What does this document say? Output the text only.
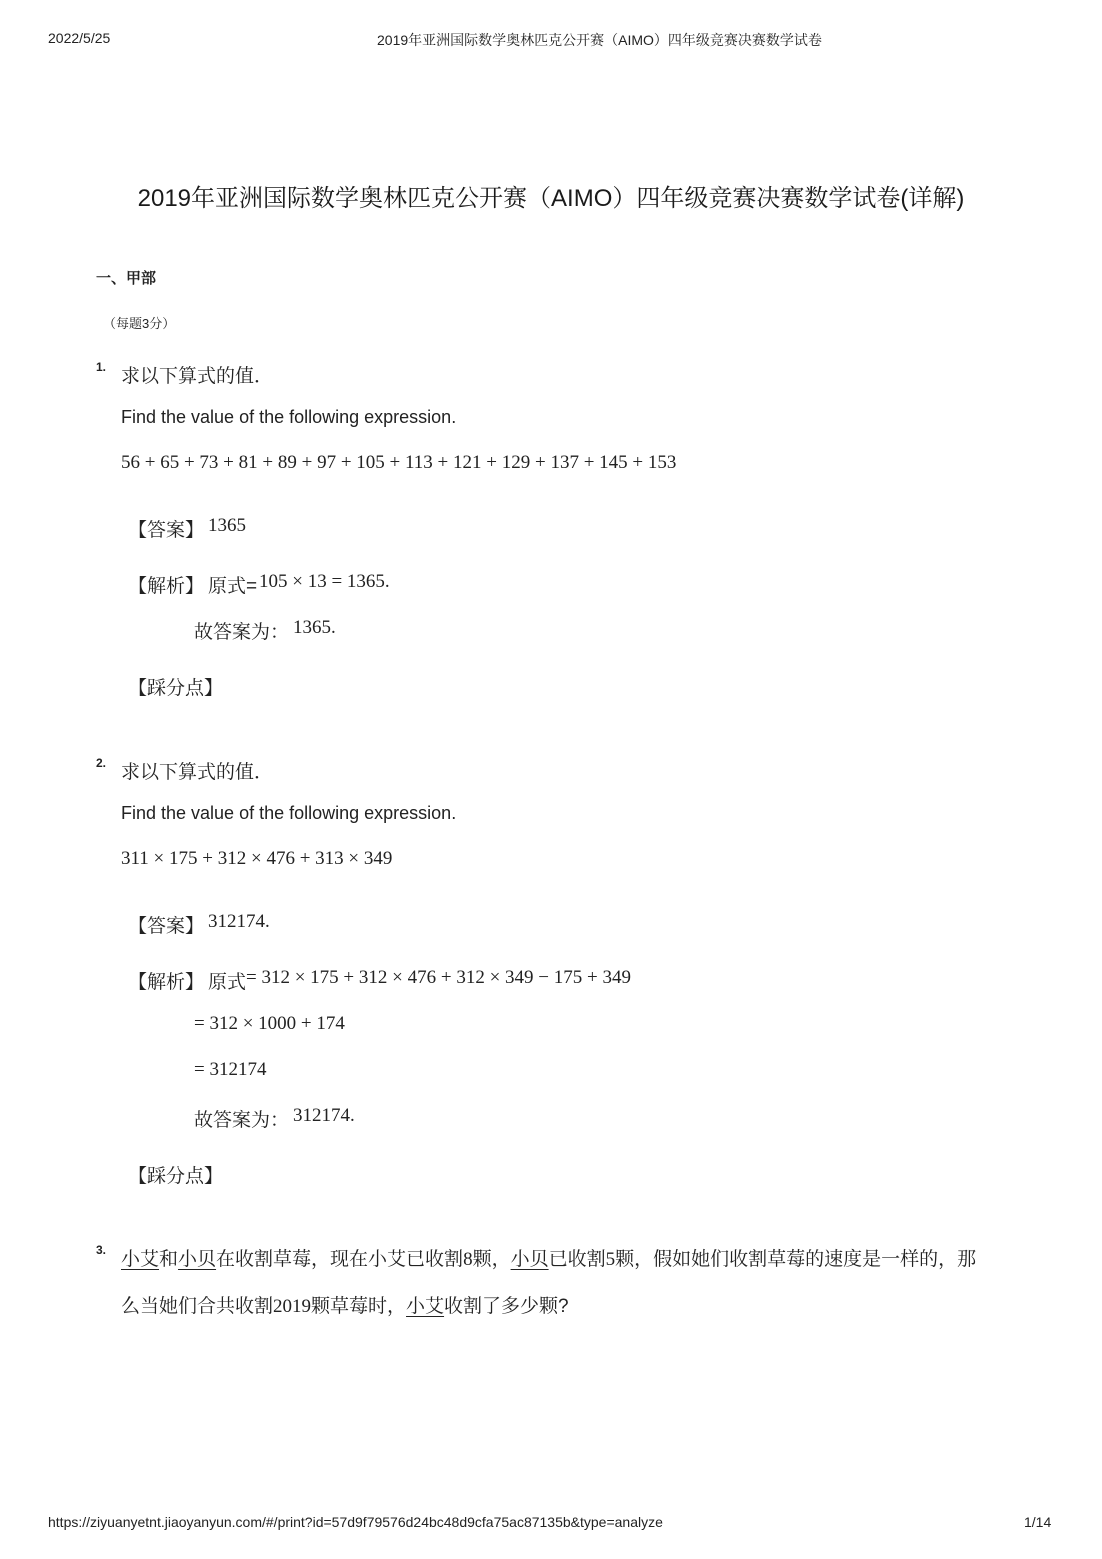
2022/5/25	2019年亚洲国际数学奥林匹克公开赛（AIMO）四年级竞赛决赛数学试卷
2019年亚洲国际数学奥林匹克公开赛（AIMO）四年级竞赛决赛数学试卷(详解)
一、甲部
（每题3分）
1. 求以下算式的值．
Find the value of the following expression.
56 + 65 + 73 + 81 + 89 + 97 + 105 + 113 + 121 + 129 + 137 + 145 + 153
【答案】 1365
【解析】 原式= 105 × 13 = 1365.
故答案为： 1365.
【踩分点】
2. 求以下算式的值．
Find the value of the following expression.
311 × 175 + 312 × 476 + 313 × 349
【答案】 312174.
【解析】 原式 = 312 × 175 + 312 × 476 + 312 × 349 − 175 + 349
= 312 × 1000 + 174
= 312174
故答案为： 312174.
【踩分点】
3. 小艾和小贝在收割草莓，现在小艾已收割8颗，小贝已收割5颗，假如她们收割草莓的速度是一样的，那
么当她们合共收割2019颗草莓时，小艾收割了多少颗?
https://ziyuanyetnt.jiaoyanyun.com/#/print?id=57d9f79576d24bc48d9cfa75ac87135b&type=analyze	1/14
